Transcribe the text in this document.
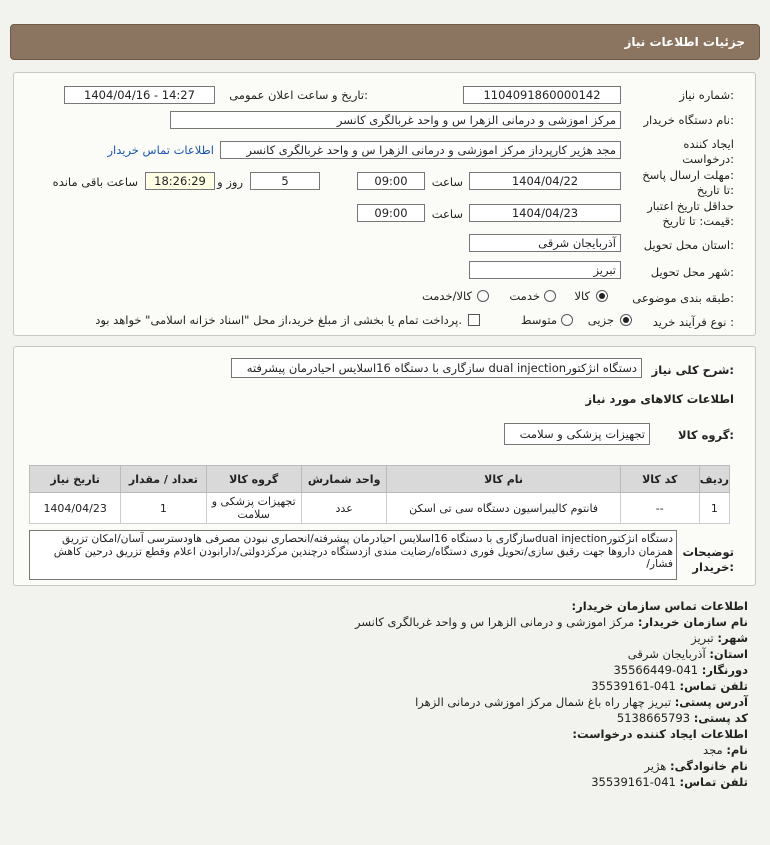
جزئیات اطلاعات نیاز
شماره نیاز:
1104091860000142
تاریخ و ساعت اعلان عمومی:
1404/04/16 - 14:27
نام دستگاه خریدار:
مرکز اموزشی و درمانی الزهرا س و واحد غربالگری کانسر
ایجاد کننده
درخواست:
مجد هژیر کارپرداز مرکز اموزشی و درمانی الزهرا س و واحد غربالگری کانسر
اطلاعات تماس خریدار
مهلت ارسال پاسخ:
تا تاریخ:
1404/04/22
ساعت
09:00
5
روز و
18:26:29
ساعت باقی مانده
حداقل تاریخ اعتبار
قیمت: تا تاریخ:
1404/04/23
ساعت
09:00
استان محل تحویل:
آذربایجان شرقی
شهر محل تحویل:
تبریز
طبقه بندی موضوعی:
کالا
خدمت
کالا/خدمت
نوع فرآیند خرید :
جزیی
متوسط
پرداخت تمام یا بخشی از مبلغ خرید،از محل "اسناد خزانه اسلامی" خواهد بود.
شرح کلی نیاز:
دستگاه انژکتورdual injection سازگاری با دستگاه 16اسلایس احیادرمان پیشرفته
اطلاعات کالاهای مورد نیاز
گروه کالا:
تجهیزات پزشکی و سلامت
ردیف	کد کالا	نام کالا	واحد شمارش	گروه کالا	تعداد / مقدار	تاریخ نیاز
1	--	فانتوم کالیبراسیون دستگاه سی تی اسکن	عدد	تجهیزات پزشکی و سلامت	1	1404/04/23
توضیحات
خریدار:
دستگاه انژکتورdual injectionسازگاری با دستگاه 16اسلایس احیادرمان پیشرفته/انحصاری نبودن مصرفی هاودسترسی آسان/امکان تزریق همزمان داروها جهت رقیق سازی/تحویل فوری دستگاه/رضایت مندی ازدستگاه درچندین مرکزدولتی/دارابودن اعلام وقطع تزریق درحین کاهش فشار/
اطلاعات تماس سازمان خریدار:
نام سازمان خریدار: مرکز اموزشی و درمانی الزهرا س و واحد غربالگری کانسر
شهر: تبریز
استان: آذربایجان شرقی
دورنگار: 041-35566449
تلفن تماس: 041-35539161
آدرس پستی: تبریز چهار راه باغ شمال مرکز اموزشی درمانی الزهرا
کد پستی: 5138665793
اطلاعات ایجاد کننده درخواست:
نام: مجد
نام خانوادگی: هژیر
تلفن تماس: 041-35539161
